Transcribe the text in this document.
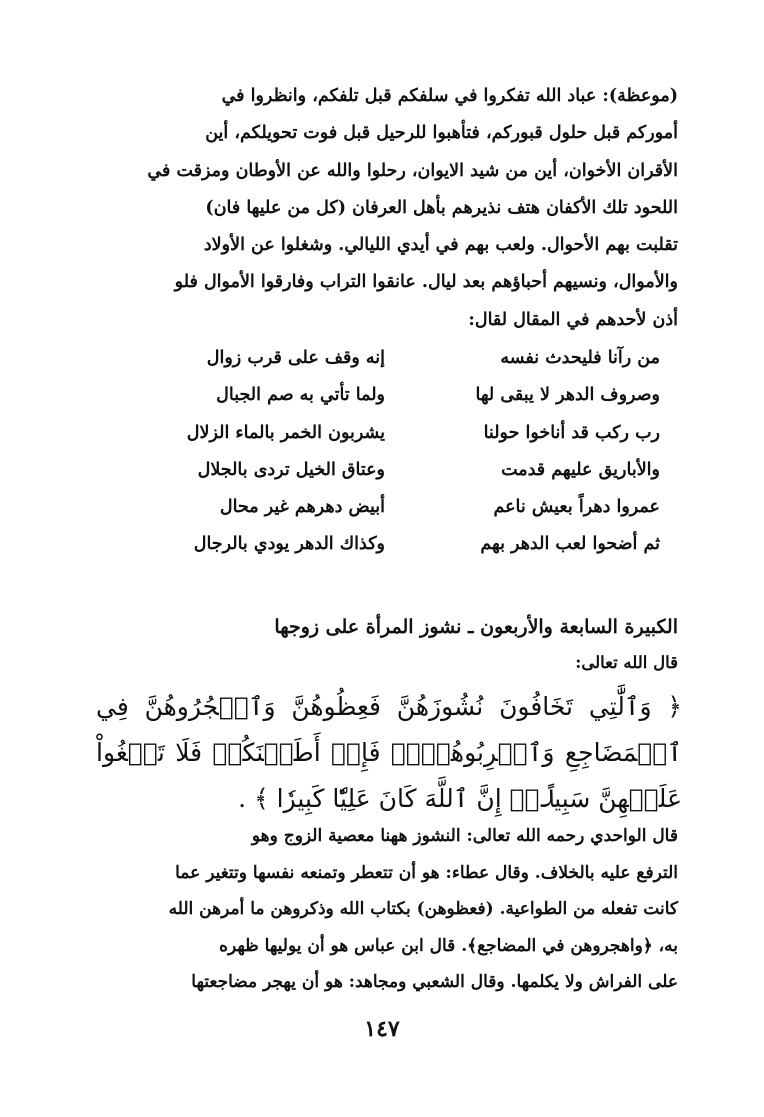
(موعظة): عباد الله تفكروا في سلفكم قبل تلفكم، وانظروا في

أموركم قبل حلول قبوركم، فتأهبوا للرحيل قبل فوت تحويلكم، أين

الأقران الأخوان، أين من شيد الايوان، رحلوا والله عن الأوطان ومزقت في

اللحود تلك الأكفان هتف نذيرهم بأهل العرفان (كل من عليها فان)

تقلبت بهم الأحوال. ولعب بهم في أيدي الليالي. وشغلوا عن الأولاد

والأموال، ونسيهم أحباؤهم بعد ليال. عانقوا التراب وفارقوا الأموال فلو

أذن لأحدهم في المقال لقال:

من رآنا فليحدث نفسه
إنه وقف على قرب زوال
وصروف الدهر لا يبقى لها
ولما تأتي به صم الجبال
رب ركب قد أناخوا حولنا
يشربون الخمر بالماء الزلال
والأباريق عليهم قدمت
وعتاق الخيل تردى بالجلال
عمروا دهراً بعيش ناعم
أبيض دهرهم غير محال
ثم أضحوا لعب الدهر بهم
وكذاك الدهر يودي بالرجال
الكبيرة السابعة والأربعون ـ نشوز المرأة على زوجها
قال الله تعالى:
﴿ وَٱلَّٰتِي تَخَافُونَ نُشُوزَهُنَّ فَعِظُوهُنَّ وَٱهۡجُرُوهُنَّ فِي ٱلۡمَضَاجِعِ وَٱضۡرِبُوهُنَّۖ فَإِنۡ أَطَعۡنَكُمۡ فَلَا تَبۡغُواْ عَلَيۡهِنَّ سَبِيلًاۗ إِنَّ ٱللَّهَ كَانَ عَلِيّٗا كَبِيرٗا ﴾ .

قال الواحدي رحمه الله تعالى: النشوز ههنا معصية الزوج وهو

الترفع عليه بالخلاف. وقال عطاء: هو أن تتعطر وتمنعه نفسها وتتغير عما

كانت تفعله من الطواعية. (فعظوهن) بكتاب الله وذكروهن ما أمرهن الله

به، ﴿واهجروهن في المضاجع﴾. قال ابن عباس هو أن يوليها ظهره

على الفراش ولا يكلمها. وقال الشعبي ومجاهد: هو أن يهجر مضاجعتها

١٤٧
